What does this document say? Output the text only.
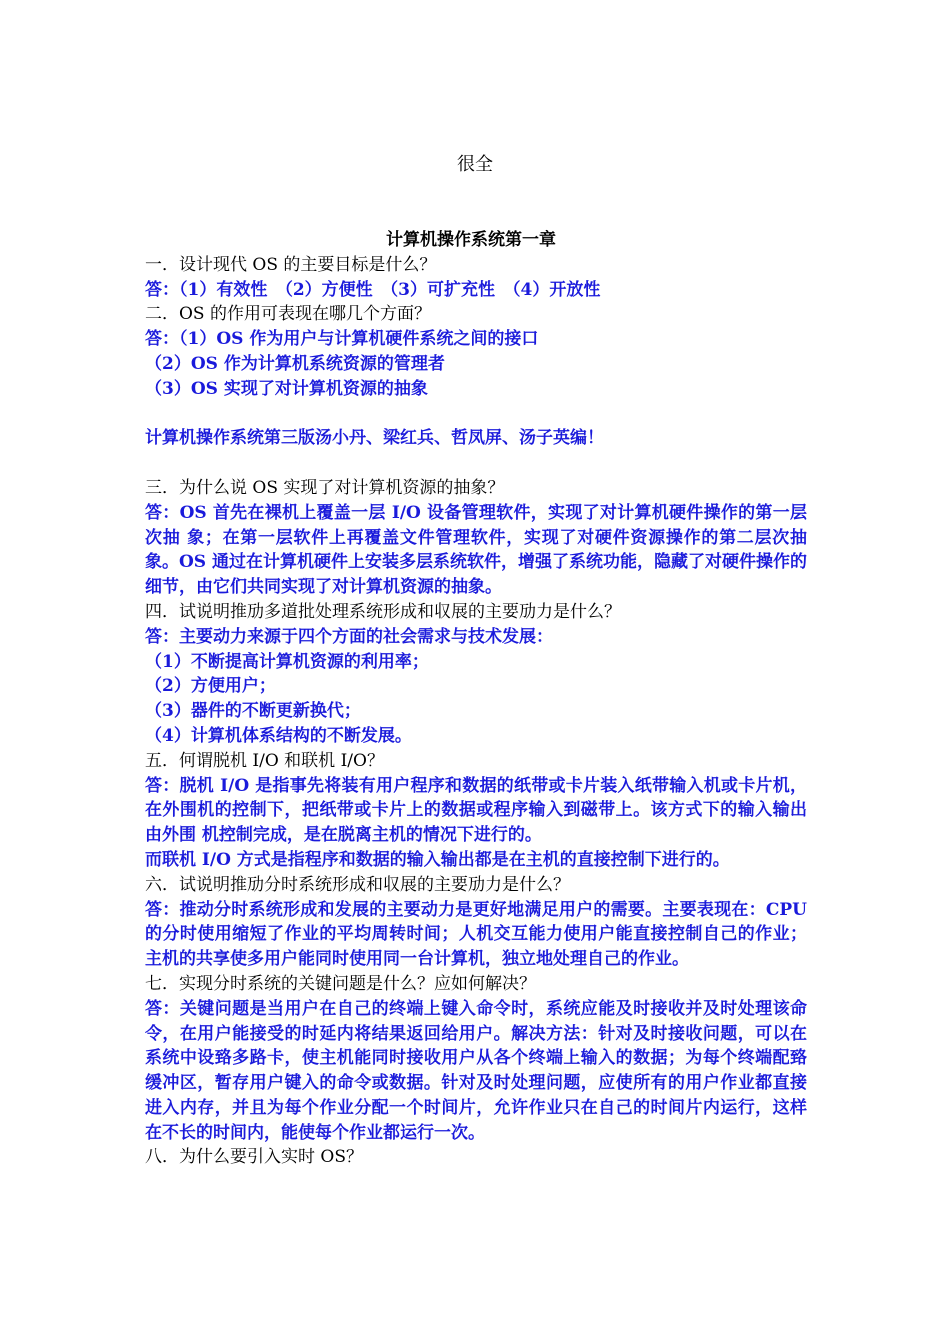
很全
计算机操作系统第一章
一．设计现代 OS 的主要目标是什么？
答：（1）有效性　（2）方便性　（3）可扩充性　（4）开放性
二．OS 的作用可表现在哪几个方面？
答：（1）OS 作为用户与计算机硬件系统之间的接口
（2）OS 作为计算机系统资源的管理者
（3）OS 实现了对计算机资源的抽象
计算机操作系统第三版汤小丹、梁红兵、哲凤屏、汤子英编！
三．为什么说 OS 实现了对计算机资源的抽象？
答：OS 首先在裸机上覆盖一层 I/O 设备管理软件，实现了对计算机硬件操作的第一层次抽 象；在第一层软件上再覆盖文件管理软件，实现了对硬件资源操作的第二层次抽象。OS 通过在计算机硬件上安装多层系统软件，增强了系统功能，隐藏了对硬件操作的细节，由它们共同实现了对计算机资源的抽象。
四．试说明推劢多道批处理系统形成和収展的主要劢力是什么？
答：主要动力来源于四个方面的社会需求与技术发展：
（1）不断提高计算机资源的利用率；
（2）方便用户；
（3）器件的不断更新换代；
（4）计算机体系结构的不断发展。
五．何谓脱机 I/O 和联机 I/O？
答：脱机 I/O 是指事先将装有用户程序和数据的纸带或卡片装入纸带输入机或卡片机，在外围机的控制下，把纸带或卡片上的数据或程序输入到磁带上。该方式下的输入输出由外围 机控制完成，是在脱离主机的情况下进行的。
而联机 I/O 方式是指程序和数据的输入输出都是在主机的直接控制下进行的。
六．试说明推劢分时系统形成和収展的主要劢力是什么？
答：推动分时系统形成和发展的主要动力是更好地满足用户的需要。主要表现在：CPU 的分时使用缩短了作业的平均周转时间；人机交互能力使用户能直接控制自己的作业；主机的共享使多用户能同时使用同一台计算机，独立地处理自己的作业。
七．实现分时系统的关键问题是什么？应如何解决？
答：关键问题是当用户在自己的终端上键入命令时，系统应能及时接收并及时处理该命令，在用户能接受的时延内将结果返回给用户。解决方法：针对及时接收问题，可以在系统中设臵多路卡，使主机能同时接收用户从各个终端上输入的数据；为每个终端配臵缓冲区，暂存用户键入的命令或数据。针对及时处理问题，应使所有的用户作业都直接进入内存，并且为每个作业分配一个时间片，允许作业只在自己的时间片内运行，这样在不长的时间内，能使每个作业都运行一次。
八．为什么要引入实时 OS？
